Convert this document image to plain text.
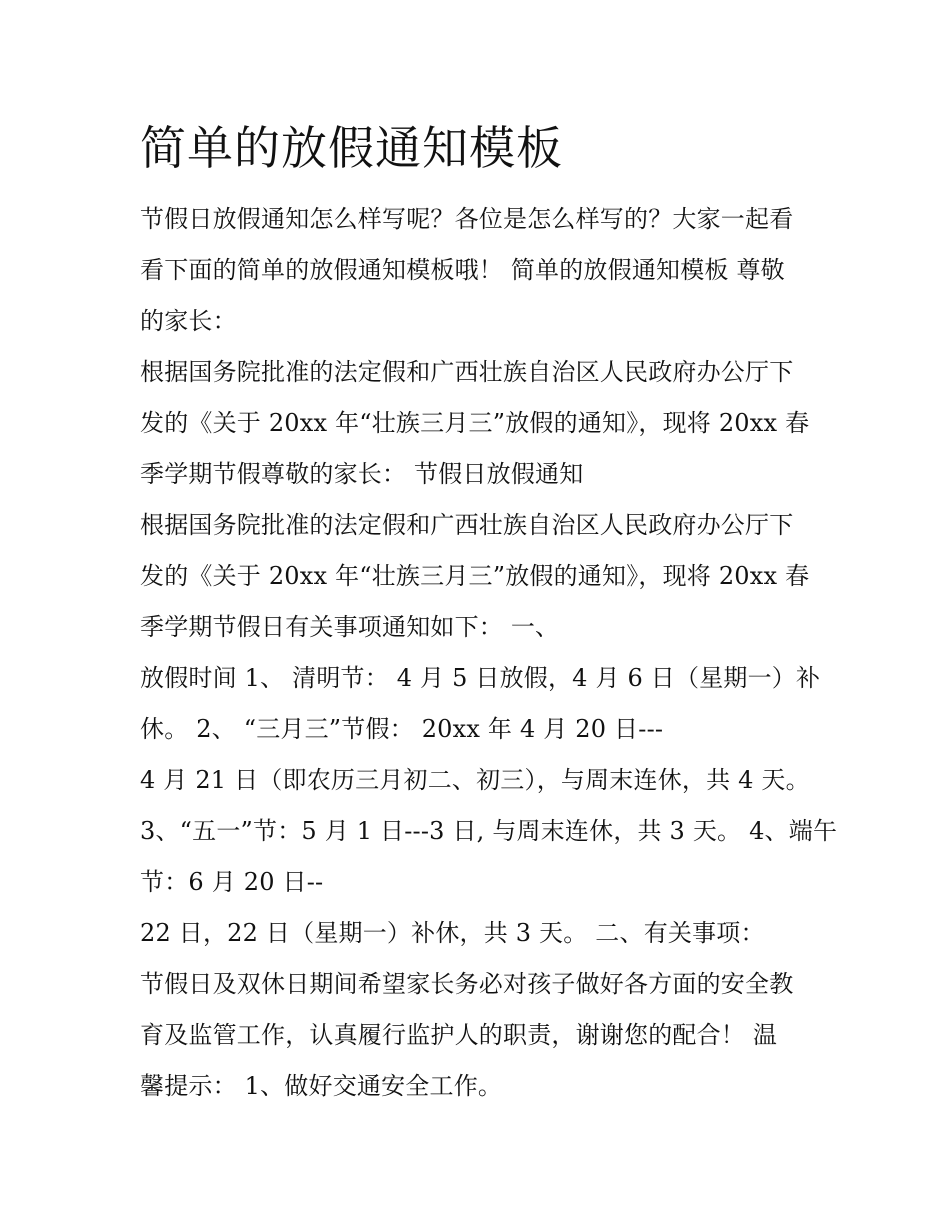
简单的放假通知模板
节假日放假通知怎么样写呢？各位是怎么样写的？大家一起看
看下面的简单的放假通知模板哦！ 简单的放假通知模板 尊敬
的家长：
根据国务院批准的法定假和广西壮族自治区人民政府办公厅下
发的《关于 20xx 年“壮族三月三”放假的通知》，现将 20xx 春
季学期节假尊敬的家长： 节假日放假通知
根据国务院批准的法定假和广西壮族自治区人民政府办公厅下
发的《关于 20xx 年“壮族三月三”放假的通知》，现将 20xx 春
季学期节假日有关事项通知如下： 一、
放假时间 1、 清明节： 4 月 5 日放假，4 月 6 日（星期一）补
休。 2、 “三月三”节假： 20xx 年 4 月 20 日---
4 月 21 日（即农历三月初二、初三），与周末连休，共 4 天。
3、“五一”节：5 月 1 日---3 日, 与周末连休，共 3 天。 4、端午
节：6 月 20 日--
22 日，22 日（星期一）补休，共 3 天。 二、有关事项：
节假日及双休日期间希望家长务必对孩子做好各方面的安全教
育及监管工作，认真履行监护人的职责，谢谢您的配合！ 温
馨提示： 1、做好交通安全工作。
